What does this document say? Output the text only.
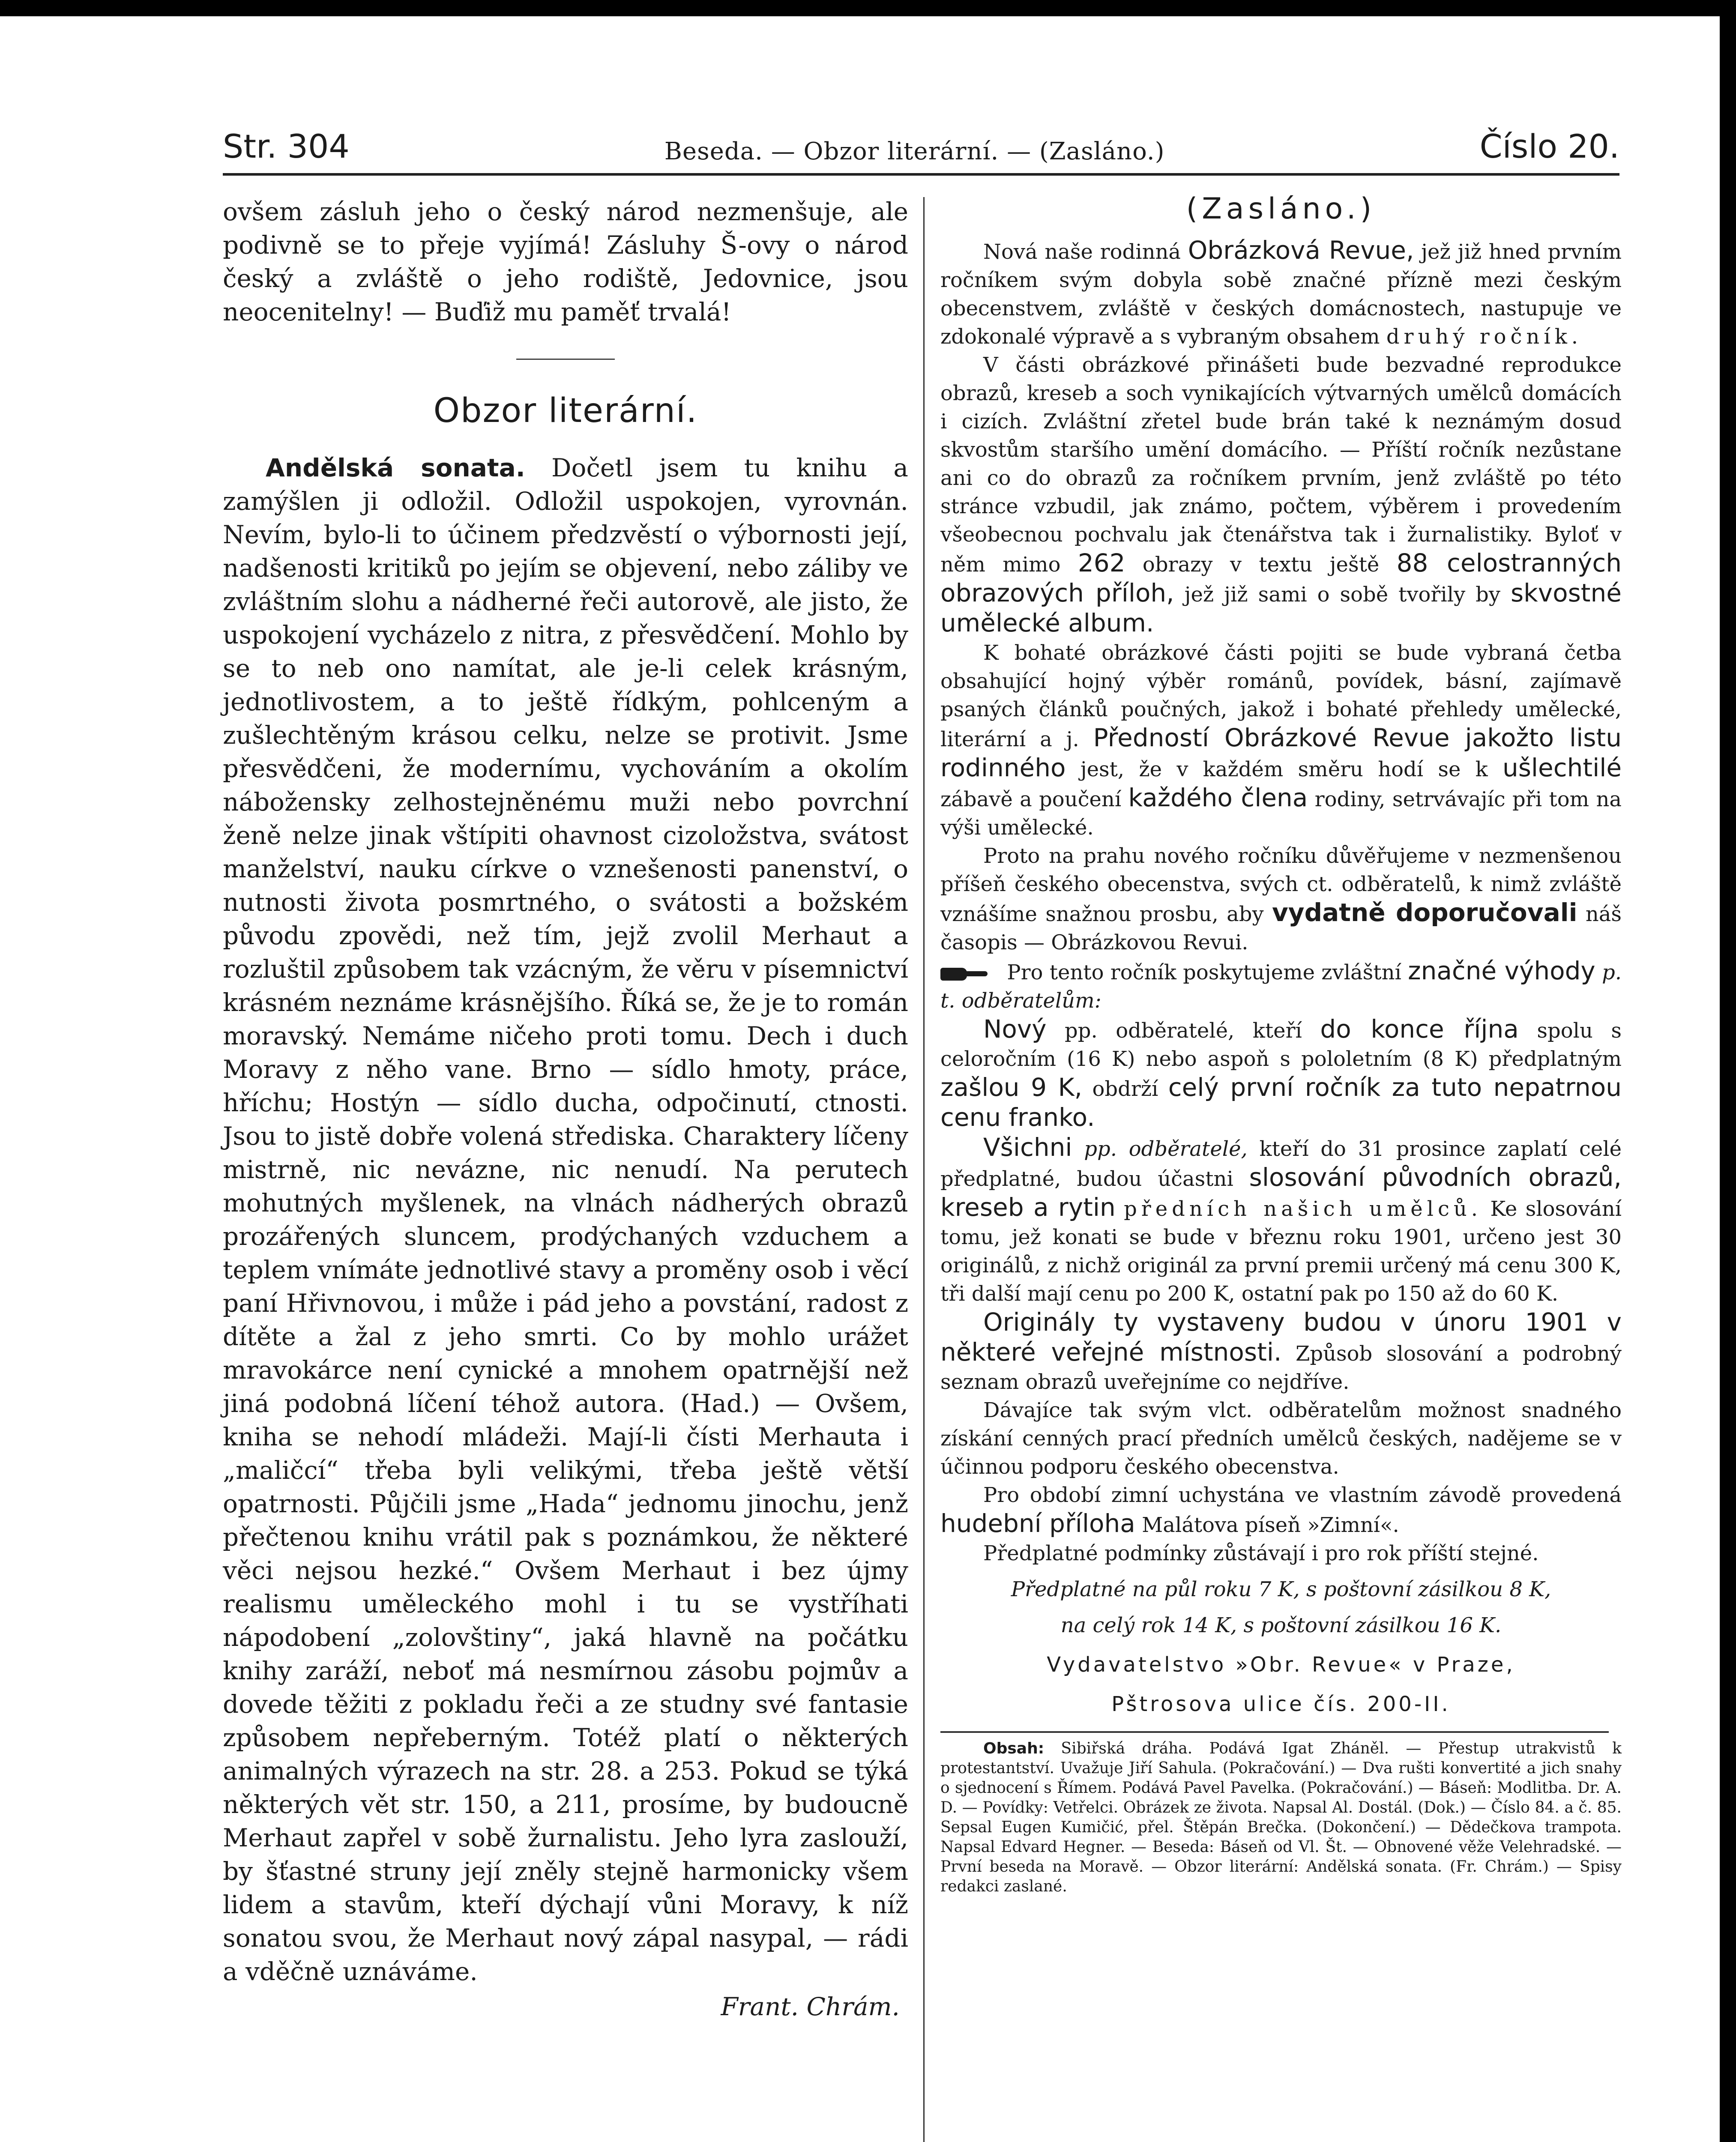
Str. 304	Beseda. — Obzor literární. — (Zasláno.)	Číslo 20.

ovšem zásluh jeho o český národ nezmenšuje, ale podivně se to přeje vyjímá! Zásluhy Š-ovy o národ český a zvláště o jeho rodiště, Jedovnice, jsou neocenitelny! — Buďiž mu paměť trvalá!

Obzor literární.

Andělská sonata. Dočetl jsem tu knihu a zamýšlen ji odložil. Odložil uspokojen, vyrovnán. Nevím, bylo-li to účinem předzvěstí o výbornosti její, nadšenosti kritiků po jejím se objevení, nebo záliby ve zvláštním slohu a nádherné řeči autorově, ale jisto, že uspokojení vycházelo z nitra, z přesvědčení. Mohlo by se to neb ono namítat, ale je-li celek krásným, jednotlivostem, a to ještě řídkým, pohlceným a zušlechtěným krásou celku, nelze se protivit. Jsme přesvědčeni, že modernímu, vychováním a okolím nábožensky zelhostejněnému muži nebo povrchní ženě nelze jinak vštípiti ohavnost cizoložstva, svátost manželství, nauku církve o vznešenosti panenství, o nutnosti života posmrtného, o svátosti a božském původu zpovědi, než tím, jejž zvolil Merhaut a rozluštil způsobem tak vzácným, že věru v písemnictví krásném neznáme krásnějšího. Říká se, že je to román moravský. Nemáme ničeho proti tomu. Dech i duch Moravy z něho vane. Brno — sídlo hmoty, práce, hříchu; Hostýn — sídlo ducha, odpočinutí, ctnosti. Jsou to jistě dobře volená střediska. Charaktery líčeny mistrně, nic nevázne, nic nenudí. Na perutech mohutných myšlenek, na vlnách nádherých obrazů prozářených sluncem, prodýchaných vzduchem a teplem vnímáte jednotlivé stavy a proměny osob i věcí paní Hřivnovou, i může i pád jeho a povstání, radost z dítěte a žal z jeho smrti. Co by mohlo urážet mravokárce není cynické a mnohem opatrnější než jiná podobná líčení téhož autora. (Had.) — Ovšem, kniha se nehodí mládeži. Mají-li čísti Merhauta i „maličcí“ třeba byli velikými, třeba ještě větší opatrnosti. Půjčili jsme „Hada“ jednomu jinochu, jenž přečtenou knihu vrátil pak s poznámkou, že některé věci nejsou hezké.“ Ovšem Merhaut i bez újmy realismu uměleckého mohl i tu se vystříhati nápodobení „zolovštiny“, jaká hlavně na počátku knihy zaráží, neboť má nesmírnou zásobu pojmův a dovede těžiti z pokladu řeči a ze studny své fantasie způsobem nepřeberným. Totéž platí o některých animalných výrazech na str. 28. a 253. Pokud se týká některých vět str. 150, a 211, prosíme, by budoucně Merhaut zapřel v sobě žurnalistu. Jeho lyra zaslouží, by šťastné struny její zněly stejně harmonicky všem lidem a stavům, kteří dýchají vůni Moravy, k níž sonatou svou, že Merhaut nový zápal nasypal, — rádi a vděčně uznáváme.

Frant. Chrám.
(Zasláno.)

Nová naše rodinná Obrázková Revue, jež již hned prvním ročníkem svým dobyla sobě značné přízně mezi českým obecenstvem, zvláště v českých domácnostech, nastupuje ve zdokonalé výpravě a s vybraným obsahem druhý ročník.

V části obrázkové přinášeti bude bezvadné reprodukce obrazů, kreseb a soch vynikajících výtvarných umělců domácích i cizích. Zvláštní zřetel bude brán také k neznámým dosud skvostům staršího umění domácího. — Příští ročník nezůstane ani co do obrazů za ročníkem prvním, jenž zvláště po této stránce vzbudil, jak známo, počtem, výběrem i provedením všeobecnou pochvalu jak čtenářstva tak i žurnalistiky. Byloť v něm mimo 262 obrazy v textu ještě 88 celostranných obrazových příloh, jež již sami o sobě tvořily by skvostné umělecké album.

K bohaté obrázkové části pojiti se bude vybraná četba obsahující hojný výběr románů, povídek, básní, zajímavě psaných článků poučných, jakož i bohaté přehledy umělecké, literární a j. Předností Obrázkové Revue jakožto listu rodinného jest, že v každém směru hodí se k ušlechtilé zábavě a poučení každého člena rodiny, setrvávajíc při tom na výši umělecké.

Proto na prahu nového ročníku důvěřujeme v nezmenšenou příšeň českého obecenstva, svých ct. odběratelů, k nimž zvláště vznášíme snažnou prosbu, aby vydatně doporučovali náš časopis — Obrázkovou Revui.

Pro tento ročník poskytujeme zvláštní značné výhody p. t. odběratelům:

Nový pp. odběratelé, kteří do konce října spolu s celoročním (16 K) nebo aspoň s pololetním (8 K) předplatným zašlou 9 K, obdrží celý první ročník za tuto nepatrnou cenu franko.

Všichni pp. odběratelé, kteří do 31 prosince zaplatí celé předplatné, budou účastni slosování původních obrazů, kreseb a rytin předních našich umělců. Ke slosování tomu, jež konati se bude v březnu roku 1901, určeno jest 30 originálů, z nichž originál za první premii určený má cenu 300 K, tři další mají cenu po 200 K, ostatní pak po 150 až do 60 K.

Originály ty vystaveny budou v únoru 1901 v některé veřejné místnosti. Způsob slosování a podrobný seznam obrazů uveřejníme co nejdříve.

Dávajíce tak svým vlct. odběratelům možnost snadného získání cenných prací předních umělců českých, nadějeme se v účinnou podporu českého obecenstva.

Pro období zimní uchystána ve vlastním závodě provedená hudební příloha Malátova píseň »Zimní«.

Předplatné podmínky zůstávají i pro rok příští stejné.

Předplatné na půl roku 7 K, s poštovní zásilkou 8 K,
na celý rok 14 K, s poštovní zásilkou 16 K.
Vydavatelstvo »Obr. Revue« v Praze,
Pštrosova ulice čís. 200-II.

Obsah: Sibiřská dráha. Podává Igat Zháněl. — Přestup utrakvistů k protestantství. Uvažuje Jiří Sahula. (Pokračování.) — Dva rušti konvertité a jich snahy o sjednocení s Římem. Podává Pavel Pavelka. (Pokračování.) — Báseň: Modlitba. Dr. A. D. — Povídky: Vetřelci. Obrázek ze života. Napsal Al. Dostál. (Dok.) — Číslo 84. a č. 85. Sepsal Eugen Kumičić, přel. Štěpán Brečka. (Dokončení.) — Dědečkova trampota. Napsal Edvard Hegner. — Beseda: Báseň od Vl. Št. — Obnovené věže Velehradské. — První beseda na Moravě. — Obzor literární: Andělská sonata. (Fr. Chrám.) — Spisy redakci zaslané.
